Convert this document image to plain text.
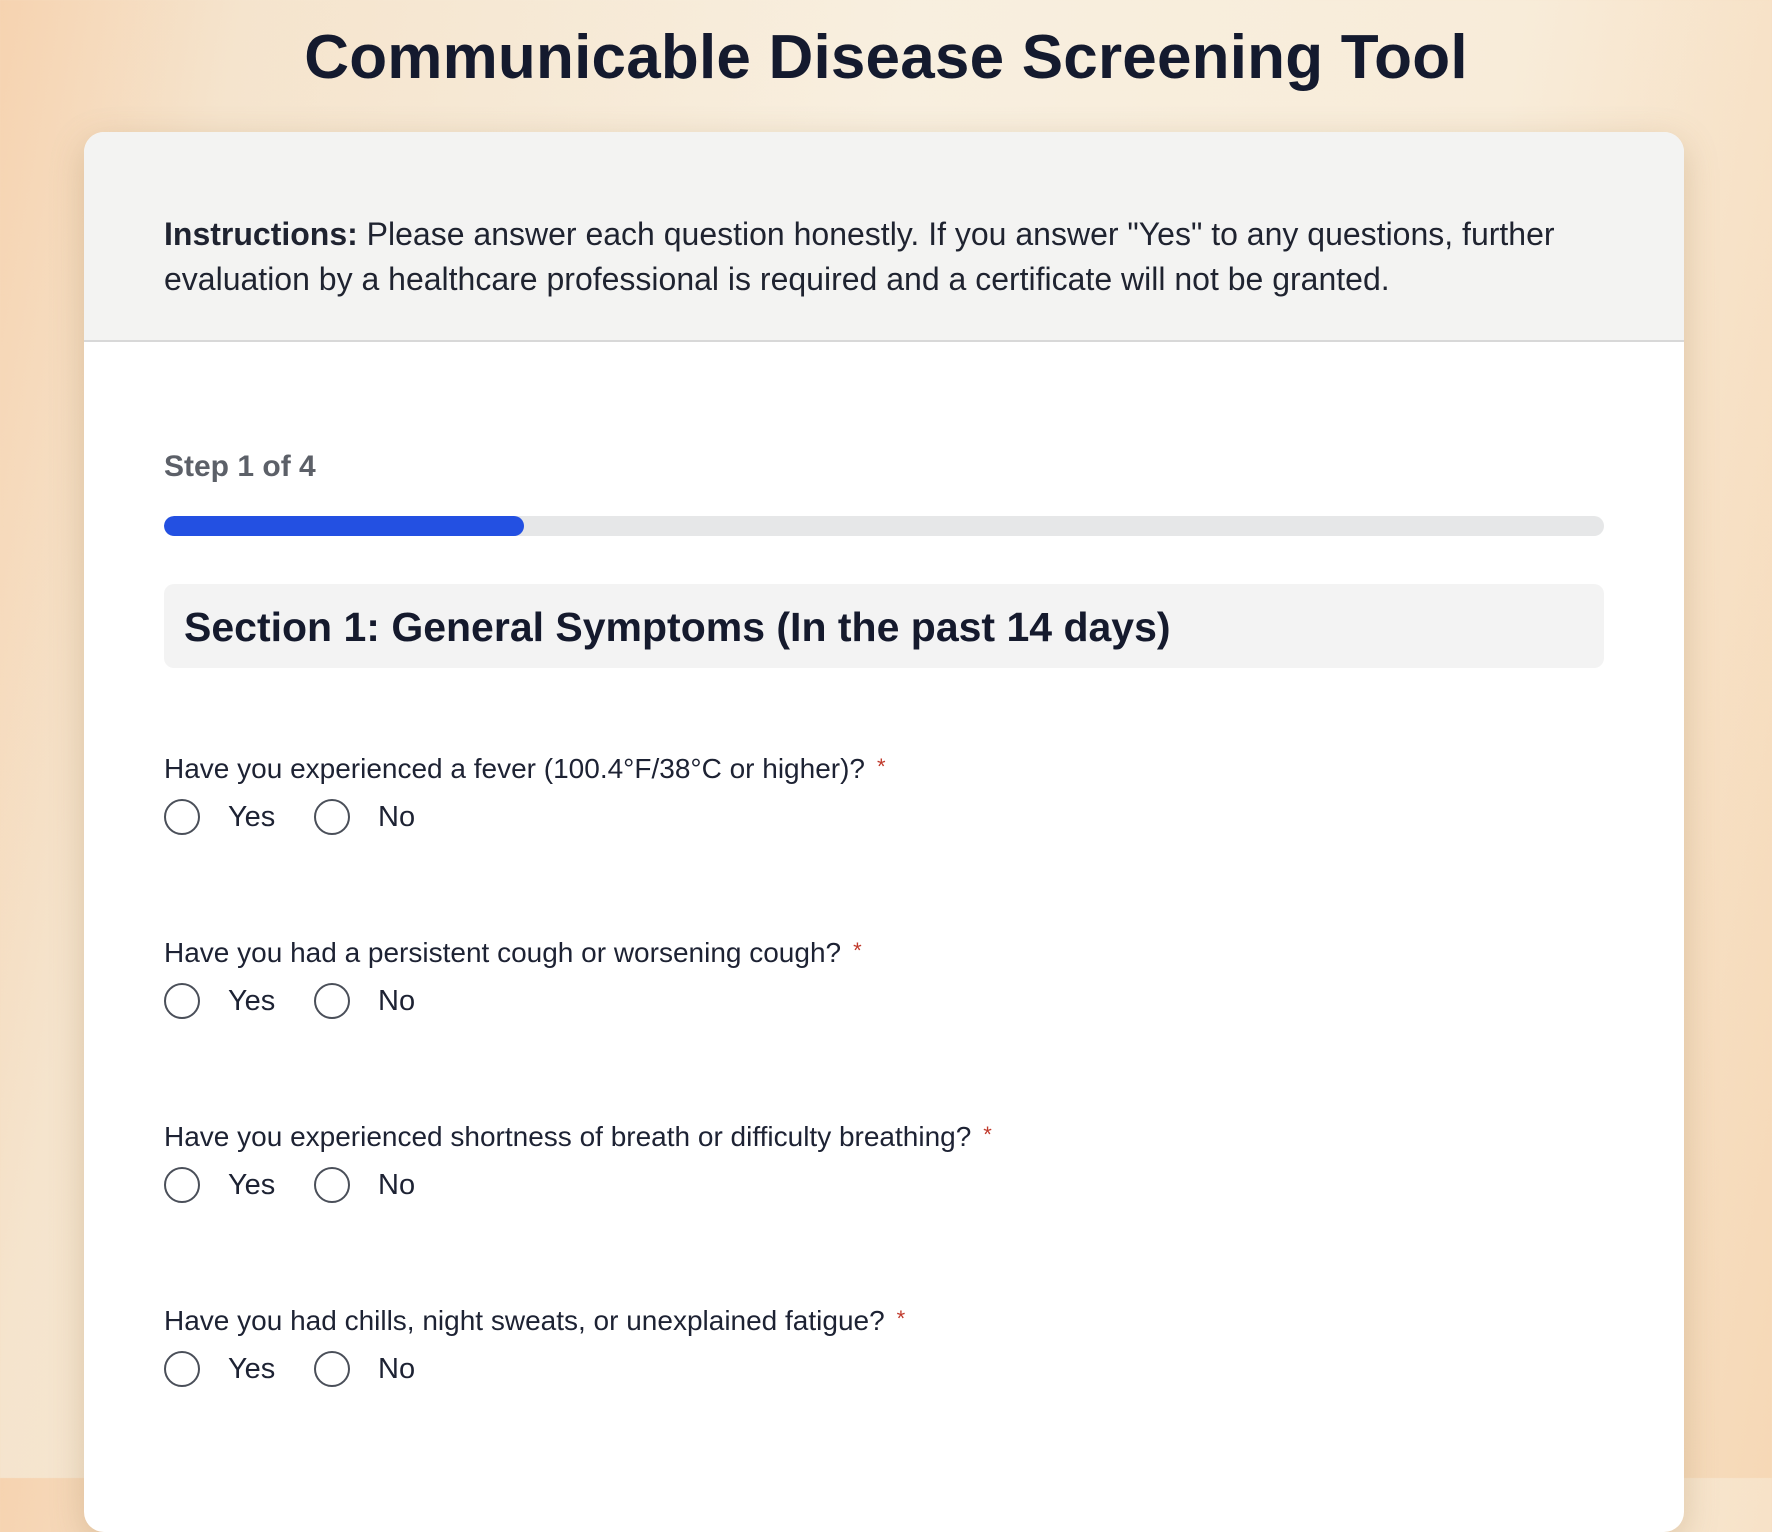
Communicable Disease Screening Tool

Instructions: Please answer each question honestly. If you answer "Yes" to any questions, further evaluation by a healthcare professional is required and a certificate will not be granted.

Step 1 of 4
Section 1: General Symptoms (In the past 14 days)

Have you experienced a fever (100.4°F/38°C or higher)? *

Yes	No

Have you had a persistent cough or worsening cough? *

Yes	No

Have you experienced shortness of breath or difficulty breathing? *

Yes	No

Have you had chills, night sweats, or unexplained fatigue? *

Yes	No
